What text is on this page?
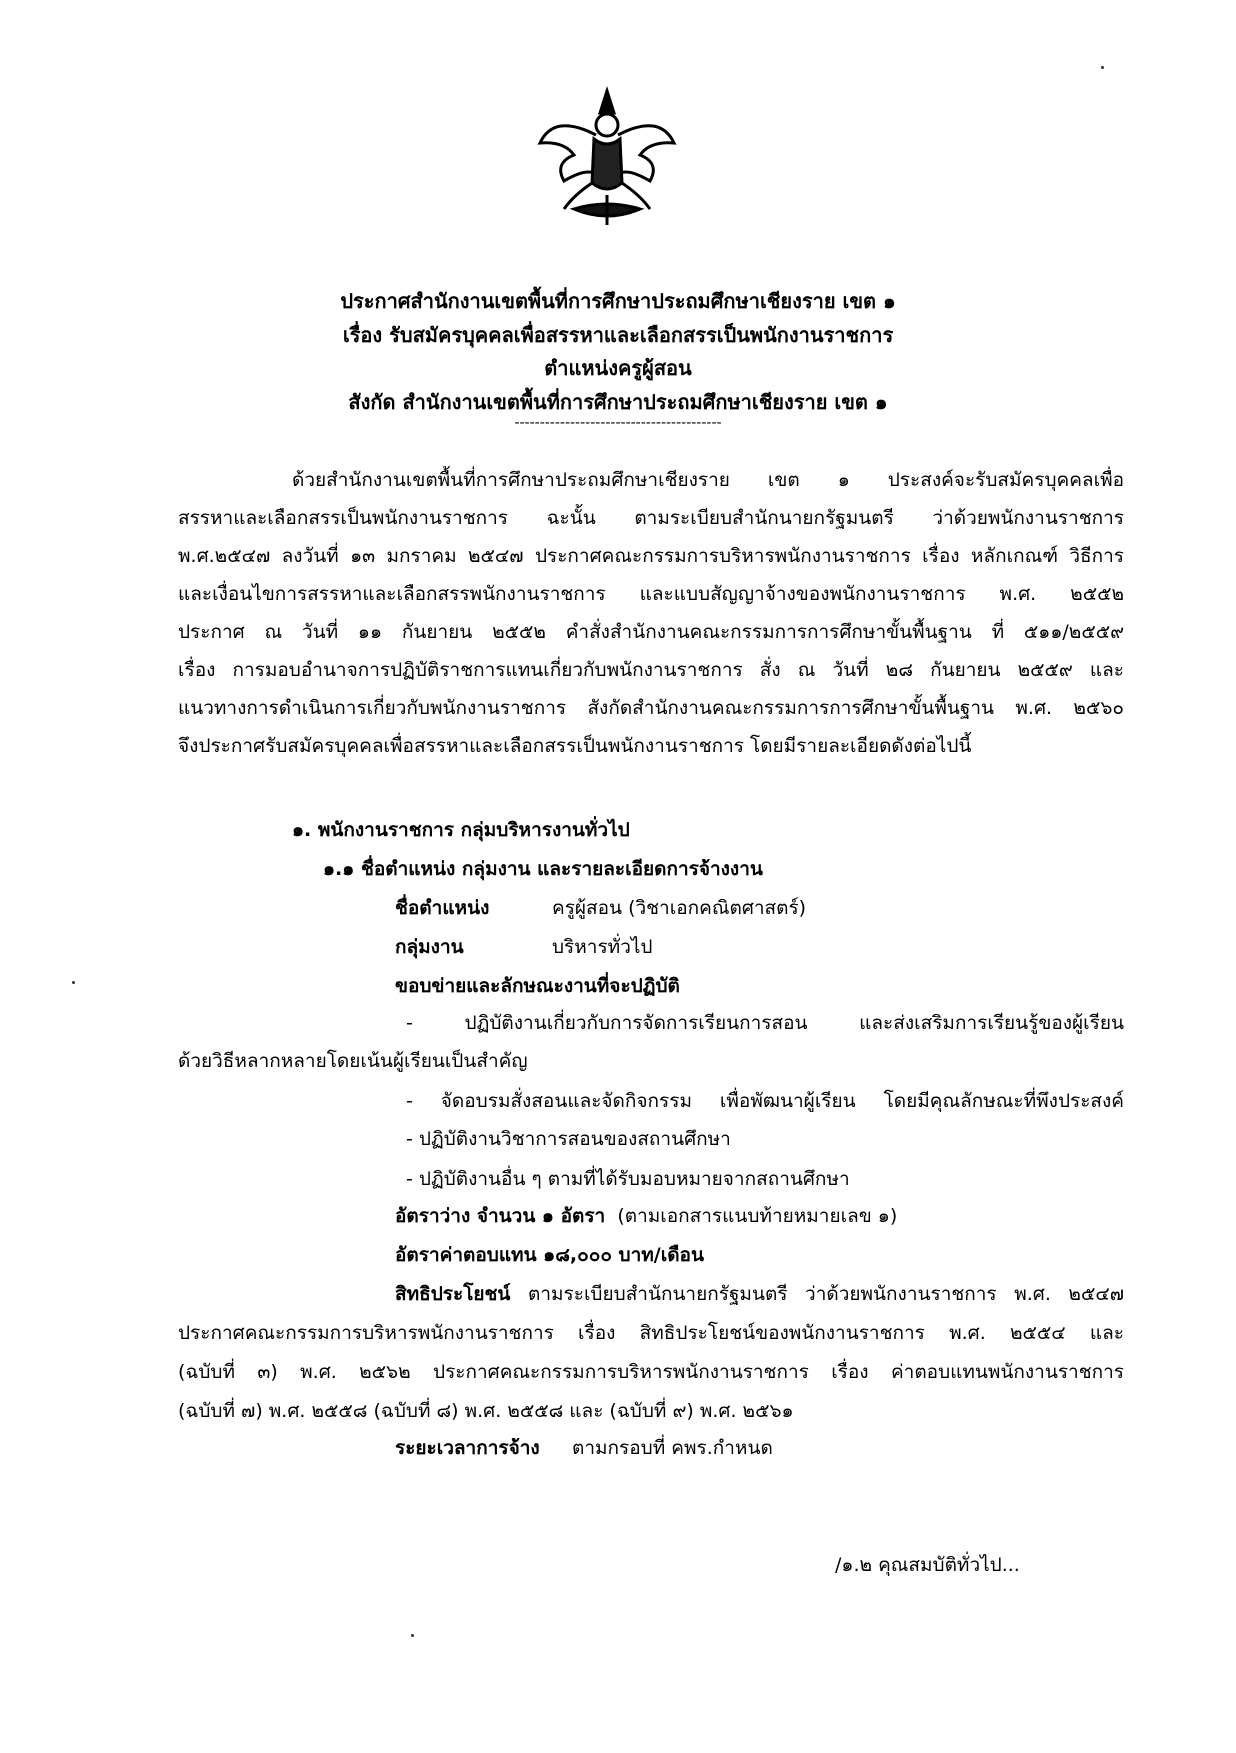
ประกาศสำนักงานเขตพื้นที่การศึกษาประถมศึกษาเชียงราย เขต ๑
เรื่อง รับสมัครบุคคลเพื่อสรรหาและเลือกสรรเป็นพนักงานราชการ
ตำแหน่งครูผู้สอน
สังกัด สำนักงานเขตพื้นที่การศึกษาประถมศึกษาเชียงราย เขต ๑
-----------------------------------------
ด้วยสำนักงานเขตพื้นที่การศึกษาประถมศึกษาเชียงราย เขต ๑ ประสงค์จะรับสมัครบุคคลเพื่อ
สรรหาและเลือกสรรเป็นพนักงานราชการ ฉะนั้น ตามระเบียบสำนักนายกรัฐมนตรี ว่าด้วยพนักงานราชการ
พ.ศ.๒๕๔๗ ลงวันที่ ๑๓ มกราคม ๒๕๔๗ ประกาศคณะกรรมการบริหารพนักงานราชการ เรื่อง หลักเกณฑ์ วิธีการ
และเงื่อนไขการสรรหาและเลือกสรรพนักงานราชการ และแบบสัญญาจ้างของพนักงานราชการ พ.ศ. ๒๕๕๒
ประกาศ ณ วันที่ ๑๑ กันยายน ๒๕๕๒ คำสั่งสำนักงานคณะกรรมการการศึกษาขั้นพื้นฐาน ที่ ๕๑๑/๒๕๕๙
เรื่อง การมอบอำนาจการปฏิบัติราชการแทนเกี่ยวกับพนักงานราชการ สั่ง ณ วันที่ ๒๘ กันยายน ๒๕๕๙ และ
แนวทางการดำเนินการเกี่ยวกับพนักงานราชการ สังกัดสำนักงานคณะกรรมการการศึกษาขั้นพื้นฐาน พ.ศ. ๒๕๖๐
จึงประกาศรับสมัครบุคคลเพื่อสรรหาและเลือกสรรเป็นพนักงานราชการ โดยมีรายละเอียดดังต่อไปนี้
๑. พนักงานราชการ กลุ่มบริหารงานทั่วไป
๑.๑ ชื่อตำแหน่ง กลุ่มงาน และรายละเอียดการจ้างงาน
ชื่อตำแหน่ง	ครูผู้สอน (วิชาเอกคณิตศาสตร์)
กลุ่มงาน	บริหารทั่วไป
ขอบข่ายและลักษณะงานที่จะปฏิบัติ
- ปฏิบัติงานเกี่ยวกับการจัดการเรียนการสอน และส่งเสริมการเรียนรู้ของผู้เรียน
ด้วยวิธีหลากหลายโดยเน้นผู้เรียนเป็นสำคัญ
- จัดอบรมสั่งสอนและจัดกิจกรรม เพื่อพัฒนาผู้เรียน โดยมีคุณลักษณะที่พึงประสงค์
- ปฏิบัติงานวิชาการสอนของสถานศึกษา
- ปฏิบัติงานอื่น ๆ ตามที่ได้รับมอบหมายจากสถานศึกษา
อัตราว่าง จำนวน ๑ อัตรา (ตามเอกสารแนบท้ายหมายเลข ๑)
อัตราค่าตอบแทน ๑๘,๐๐๐ บาท/เดือน
สิทธิประโยชน์ ตามระเบียบสำนักนายกรัฐมนตรี ว่าด้วยพนักงานราชการ พ.ศ. ๒๕๔๗
ประกาศคณะกรรมการบริหารพนักงานราชการ เรื่อง สิทธิประโยชน์ของพนักงานราชการ พ.ศ. ๒๕๕๔ และ
(ฉบับที่ ๓) พ.ศ. ๒๕๖๒ ประกาศคณะกรรมการบริหารพนักงานราชการ เรื่อง ค่าตอบแทนพนักงานราชการ
(ฉบับที่ ๗) พ.ศ. ๒๕๕๘ (ฉบับที่ ๘) พ.ศ. ๒๕๕๘ และ (ฉบับที่ ๙) พ.ศ. ๒๕๖๑
ระยะเวลาการจ้าง ตามกรอบที่ คพร.กำหนด
/๑.๒ คุณสมบัติทั่วไป...
